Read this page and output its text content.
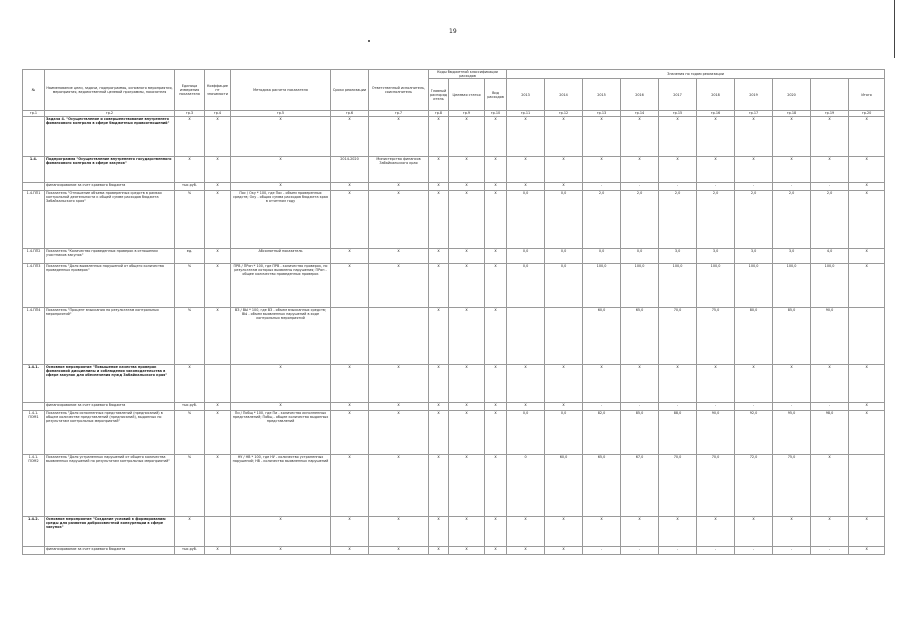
19
№	Наименование цели, задачи, подпрограммы, основного мероприятия, мероприятия, ведомственной целевой программы, показателя	Единица измерения показателя	Коэффициент значимости	Методика расчета показателя	Сроки реализации	Ответственный исполнитель, соисполнитель	Коды бюджетной классификации расходов			Значения по годам реализации									
							Главный распорядитель	Целевая статья	Вид расходов	2013	2014	2015	2016	2017	2018	2019	2020		Итого
гр.1	гр.2	гр.3	гр.4	гр.5	гр.6	гр.7	гр.8	гр.9	гр.10	гр.11	гр.12	гр.13	гр.14	гр.15	гр.16	гр.17	гр.18	гр.19	гр.20
	Задача 4. "Осуществление и совершенствование внутреннего финансового контроля в сфере бюджетных правоотношений"	X	X	X	X	X	X	X	X	X	X	X	X	X	X	X	X	X	X
1.4.	Подпрограмма "Осуществление внутреннего государственного финансового контроля в сфере закупок"	X	X	X	2014-2020	Министерство финансов Забайкальского края	X	X	X	X	X	X	X	X	X	X	X	X	X
	финансирование за счет краевого бюджета	тыс.руб.	X	X	X	X	X	X	X	X	X	-	-	-	-	-	-	-	X
1.4.ПП1	Показатель "Отношение объема проверенных средств в рамках контрольной деятельности к общей сумме расходов бюджета Забайкальского края"	%	X	Пос / Оку * 100, где Пос - объем проверенных средств; Оку - общая сумма расходов бюджета края в отчетном году	X	X	X	X	X	0,0	0,0	2,0	2,0	2,0	2,0	2,0	2,0	2,0	X
1.4.ПП2	Показатель "Количество проведенных проверок в отношении участников закупок"	ед.	X	Абсолютный показатель	X	X	X	X	X	0,0	0,0	0,0	0,0	3,0	3,0	3,0	3,0	4,0	X
1.4.ПП3	Показатель "Доля выявленных нарушений от общего количества проведенных проверок"	%	X	ПРВ / ПРоп * 100, где ПРВ - количество проверок, по результатам которых выявлены нарушения; ПРоп - общее количество проведенных проверок	X	X	X	X	X	0,0	0,0	100,0	100,0	100,0	100,0	100,0	100,0	100,0	X
1.4.ПП4	Показатель "Процент взыскания по результатам контрольных мероприятий"	%	X	ВЗ / ВЫ * 100, где ВЗ - объем взысканных средств; ВЫ - объем выявленных нарушений в ходе контрольных мероприятий			X	X	X			60,0	65,0	70,0	75,0	80,0	85,0	90,0	
1.4.1.	Основное мероприятие "Повышение качества проверок финансовой дисциплины и соблюдения законодательства в сфере закупок для обеспечения нужд Забайкальского края"	X		X	X	X	X	X	X	X	X	X	X	X	X	X	X	X	X
	финансирование за счет краевого бюджета	тыс.руб.	X	X	X	X	X	X	X	X	X	-	-	-	-	-	-	-	X
1.4.1. ПОМ1	Показатель "Доля исполненных представлений (предписаний) в общем количестве представлений (предписаний), выданных по результатам контрольных мероприятий"	%	X	Пи / Побщ * 100, где Пи - количество исполненных представлений; Побщ - общее количество выданных представлений	X	X	X	X	X	0,0	0,0	82,0	85,0	88,0	90,0	92,0	95,0	98,0	X
1.4.1. ПОМ2	Показатель "Доля устраненных нарушений от общего количества выявленных нарушений по результатам контрольных мероприятий"	%	X	НУ / НВ * 100, где НУ - количество устраненных нарушений; НВ - количество выявленных нарушений	X	X	X	X	X	0	60,0	65,0	67,0	70,0	70,0	72,0	75,0	X	
1.4.2.	Основное мероприятие "Создание условий к формированию среды для развития добросовестной конкуренции в сфере закупок"	X		X	X	X	X	X	X	X	X	X	X	X	X	X	X	X	X
	финансирование за счет краевого бюджета	тыс.руб.	X	X	X	X	X	X	X	X	X	-	-	-	-	-	-	-	X
